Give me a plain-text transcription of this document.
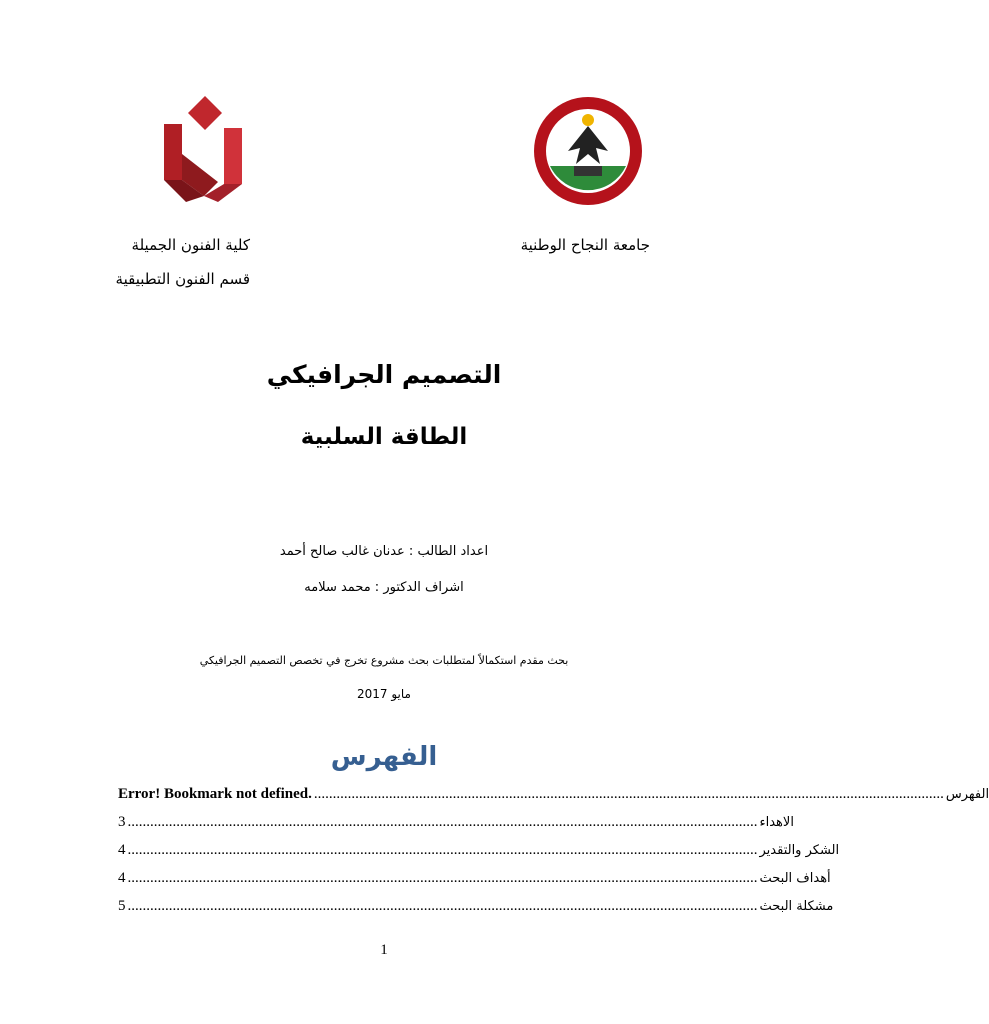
جامعة النجاح الوطنية
كلية الفنون الجميلة
قسم الفنون التطبيقية
التصميم الجرافيكي
الطاقة السلبية
اعداد الطالب : عدنان غالب صالح أحمد
اشراف الدكتور : محمد سلامه
بحث مقدم استكمالاً لمتطلبات بحث مشروع تخرج في تخصص التصميم الجرافيكي
مايو 2017
الفهرس
Error! Bookmark not defined. ........................................................................................................................................................................ الفهرس
3 ........................................................................................................................................................................ الاهداء
4 ........................................................................................................................................................................ الشكر والتقدير
4 ........................................................................................................................................................................ أهداف البحث
5 ........................................................................................................................................................................ مشكلة البحث
1
